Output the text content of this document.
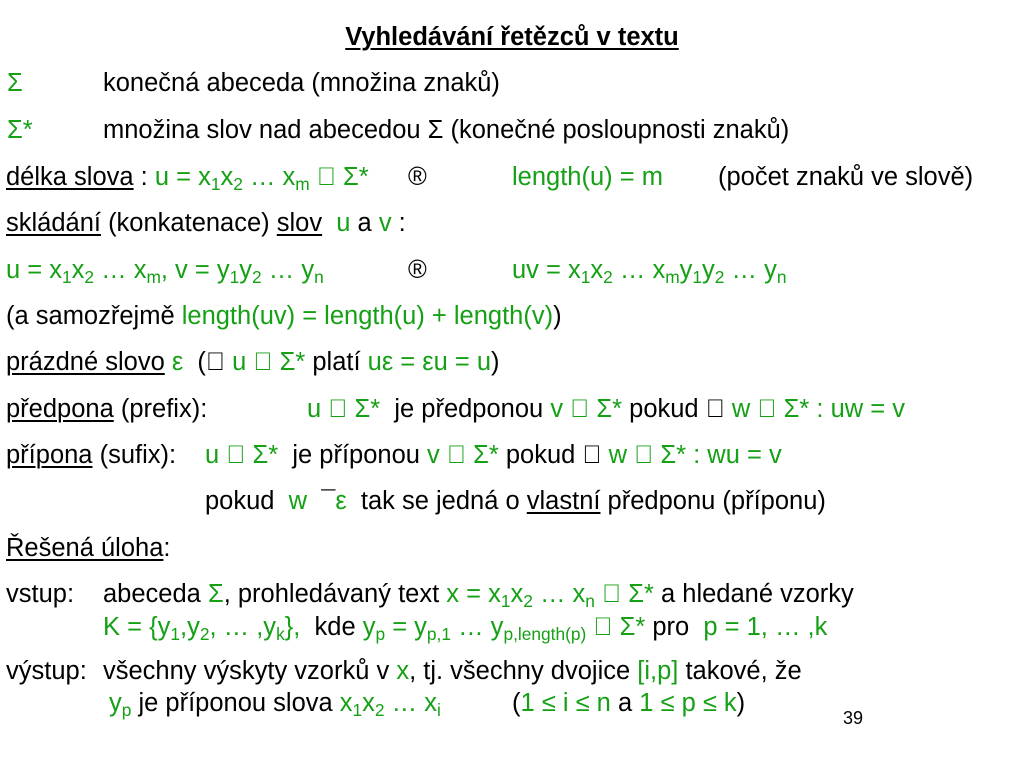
Vyhledávání řetězců v textu
Σ	konečná abeceda (množina znaků)
Σ*	množina slov nad abecedou Σ (konečné posloupnosti znaků)
délka slova : $u = x_1x_2$ … $x_m$   Σ* ®	length(u) = m (počet znaků ve slově)
skládání (konkatenace) slov  u a v :
$u = x_1x_2$ … $x_m$, $v = y_1y_2$ … $y_n$	®	uv = $x_1x_2$ … $x_my_1y_2$ … $y_n$
(a samozřejmě length(uv) = length(u) + length(v))
prázdné slovo ε  (  u   Σ* platí uε = εu = u)
předpona (prefix):	u   Σ*  je předponou v   Σ* pokud   w   Σ* : uw = v
přípona (sufix): u   Σ*  je příponou v   Σ* pokud   w   Σ* : wu = v
pokud  w  ¯ε  tak se jedná o vlastní předponu (příponu)
Řešená úloha:
vstup: abeceda Σ, prohledávaný text $x = x_1x_2$ … $x_n$   Σ* a hledané vzorky
$K = \{y_1,y_2$, … $,y_k$},  kde $y_p = y_{p,1}$ … $y_{p,length(p)}$   Σ* pro  p = 1, … ,k
výstup: všechny výskyty vzorků v x, tj. všechny dvojice [i,p] takové, že
$y_p$ je příponou slova $x_1x_2$ … $x_i$	(1 ≤ i ≤ n a 1 ≤ p ≤ k)
39
